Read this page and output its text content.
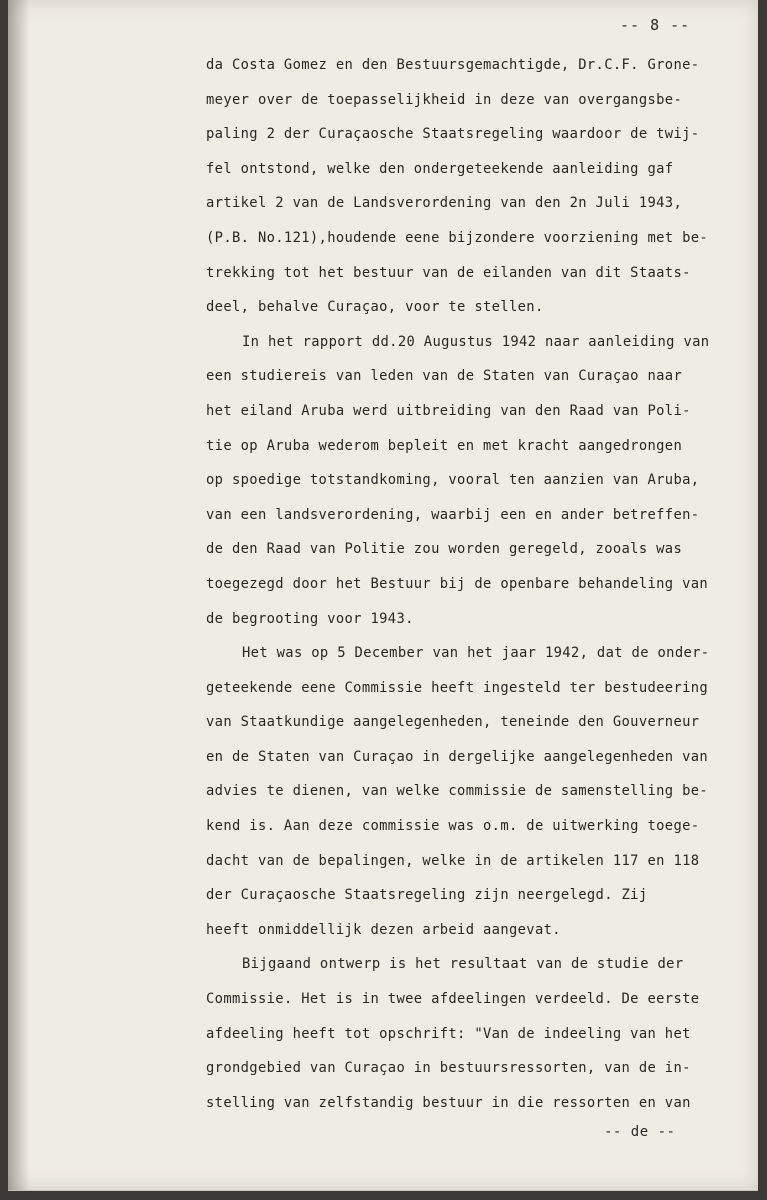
-- 8 --
da Costa Gomez en den Bestuursgemachtigde, Dr.C.F. Grone-
meyer over de toepasselijkheid in deze van overgangsbe-
paling 2 der Curaçaosche Staatsregeling waardoor de twij-
fel ontstond, welke den ondergeteekende aanleiding gaf
artikel 2 van de Landsverordening van den 2n Juli 1943,
(P.B. No.121),houdende eene bijzondere voorziening met be-
trekking tot het bestuur van de eilanden van dit Staats-
deel, behalve Curaçao, voor te stellen.
In het rapport dd.20 Augustus 1942 naar aanleiding van
een studiereis van leden van de Staten van Curaçao naar
het eiland Aruba werd uitbreiding van den Raad van Poli-
tie op Aruba wederom bepleit en met kracht aangedrongen
op spoedige totstandkoming, vooral ten aanzien van Aruba,
van een landsverordening, waarbij een en ander betreffen-
de den Raad van Politie zou worden geregeld, zooals was
toegezegd door het Bestuur bij de openbare behandeling van
de begrooting voor 1943.
Het was op 5 December van het jaar 1942, dat de onder-
geteekende eene Commissie heeft ingesteld ter bestudeering
van Staatkundige aangelegenheden, teneinde den Gouverneur
en de Staten van Curaçao in dergelijke aangelegenheden van
advies te dienen, van welke commissie de samenstelling be-
kend is. Aan deze commissie was o.m. de uitwerking toege-
dacht van de bepalingen, welke in de artikelen 117 en 118
der Curaçaosche Staatsregeling zijn neergelegd. Zij
heeft onmiddellijk dezen arbeid aangevat.
Bijgaand ontwerp is het resultaat van de studie der
Commissie. Het is in twee afdeelingen verdeeld. De eerste
afdeeling heeft tot opschrift: "Van de indeeling van het
grondgebied van Curaçao in bestuursressorten, van de in-
stelling van zelfstandig bestuur in die ressorten en van
-- de --
